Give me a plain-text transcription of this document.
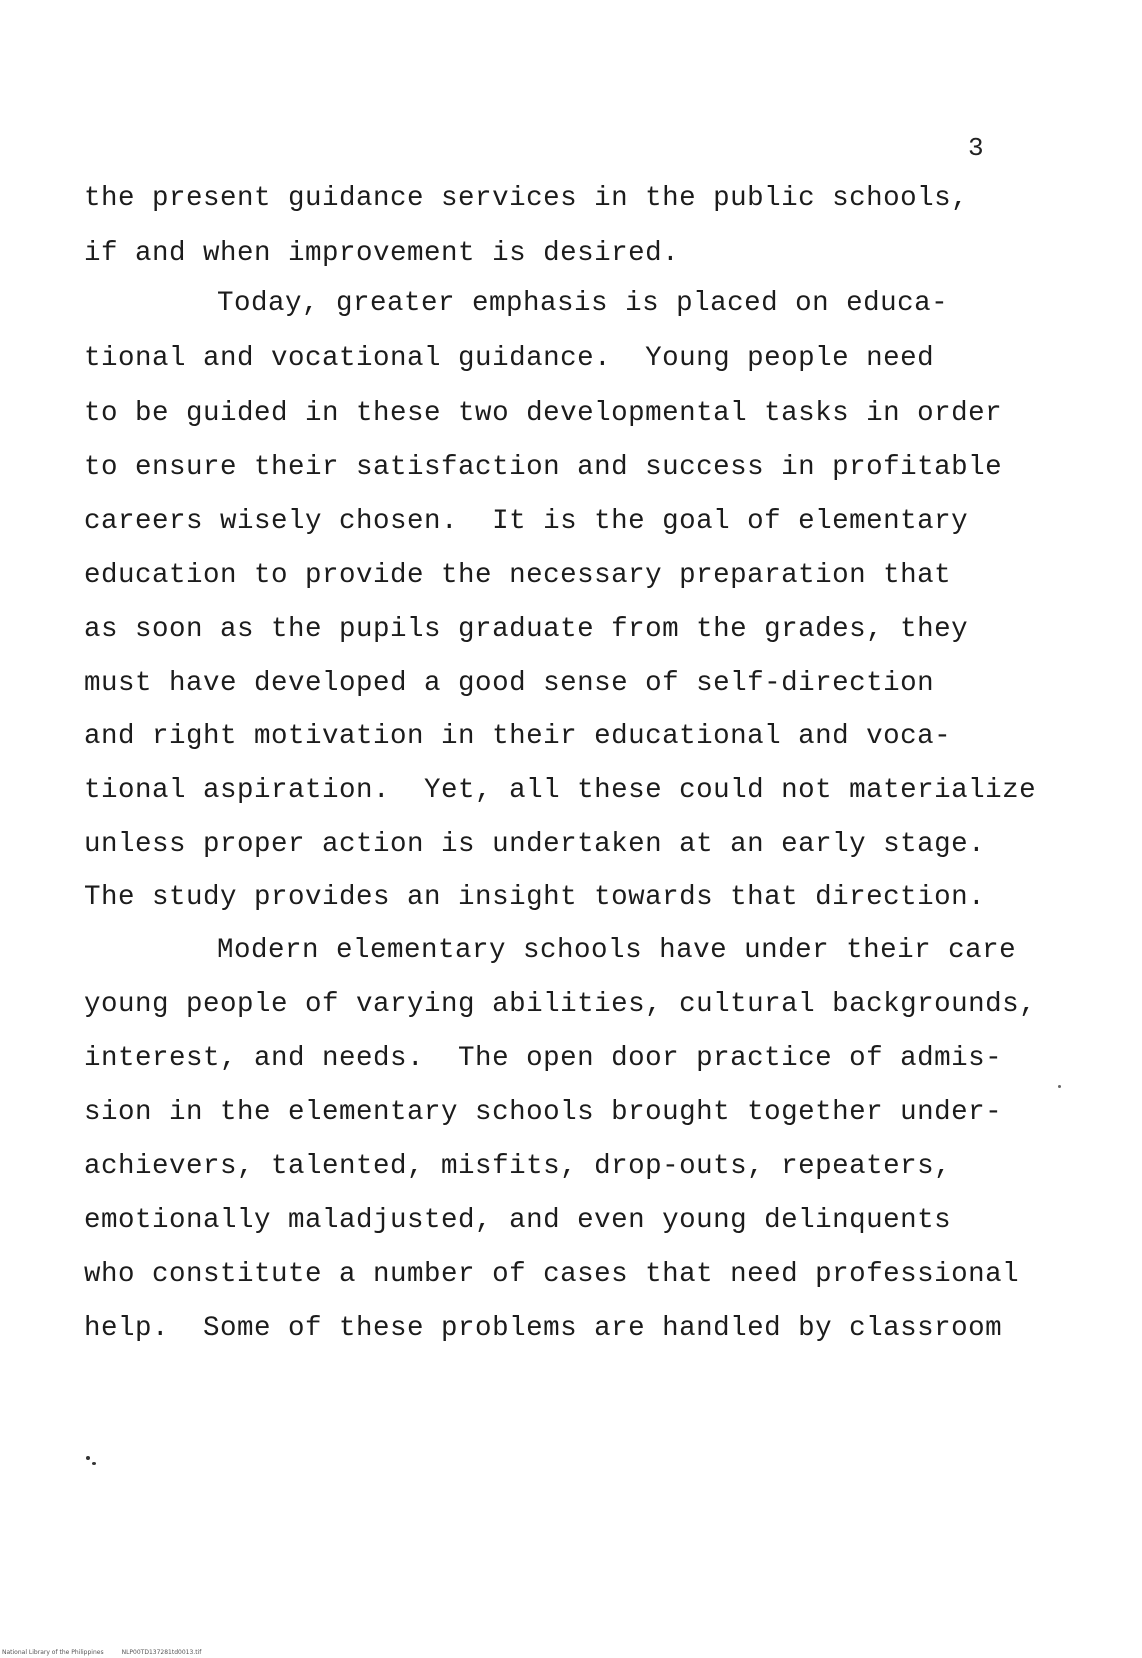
3
the present guidance services in the public schools,
if and when improvement is desired.
Today, greater emphasis is placed on educa-
tional and vocational guidance.  Young people need
to be guided in these two developmental tasks in order
to ensure their satisfaction and success in profitable
careers wisely chosen.  It is the goal of elementary
education to provide the necessary preparation that
as soon as the pupils graduate from the grades, they
must have developed a good sense of self-direction
and right motivation in their educational and voca-
tional aspiration.  Yet, all these could not materialize
unless proper action is undertaken at an early stage.
The study provides an insight towards that direction.
Modern elementary schools have under their care
young people of varying abilities, cultural backgrounds,
interest, and needs.  The open door practice of admis-
sion in the elementary schools brought together under-
achievers, talented, misfits, drop-outs, repeaters,
emotionally maladjusted, and even young delinquents
who constitute a number of cases that need professional
help.  Some of these problems are handled by classroom
National Library of the Philippines	NLP00TD137281td0013.tif
